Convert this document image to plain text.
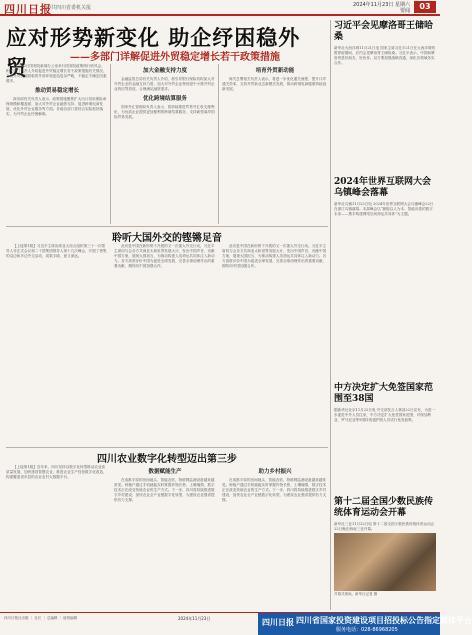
四川日报
中共四川省委机关报	2024年11月23日 星期六
要闻	03
应对形势新变化 助企纾困稳外贸	——多部门详解促进外贸稳定增长若干政策措施

11月22日国务院新闻办公室举行国务院政策例行吹风会，相关部门负责人介绍促进外贸稳定增长若干政策措施有关情况。当前外贸发展面临的外部环境更趋复杂严峻，不稳定不确定因素增多。

推动贸易稳定增长

商务部有关负责人表示，政策措施聚焦扩大出口信用保险承保规模和覆盖面、加大对外贸企业融资支持、促进跨境电商发展、优化外贸企业服务等方面。各地各部门将结合实际抓好落实，为外贸企业纾困解难。

加大金融支持力度

金融监管总局有关负责人介绍，将引导银行保险机构加大对外贸企业的金融支持力度，加大对外贸企业特别是中小微外贸企业的信贷投放，合理满足融资需求。

优化跨境结算服务

国家外汇管理局负责人表示，将持续推进贸易外汇收支便利化，为优质企业提供更加便利的跨境结算服务，支持新型离岸国际贸易发展。

培育外贸新动能

海关总署相关负责人表示，将进一步优化通关流程，提升口岸通关效率，支持外贸新业态新模式发展，推动跨境电商健康持续创新发展。

聆听大国外交的铿锵足音

【上接第1版】习近平主席出席亚太经合组织第三十一次领导人非正式会议和二十国集团领导人第十九次峰会，开展了密集的双边和多边外交活动，成果丰硕，意义深远。

此访是中国在新形势下开展的又一次重大外交行动。习近平主席同与会各方共商亚太和世界发展大计，发出中国声音，贡献中国方案，展现大国担当，为推动构建人类命运共同体注入新动力。各方高度评价中国为促进全球发展、完善全球治理作出的重要贡献，期待同中国加强合作。

此访是中国在新形势下开展的又一次重大外交行动。习近平主席同与会各方共商亚太和世界发展大计，发出中国声音，贡献中国方案，展现大国担当，为推动构建人类命运共同体注入新动力。各方高度评价中国为促进全球发展、完善全球治理作出的重要贡献，期待同中国加强合作。

四川农业数字化转型迈出第三步

【上接第1版】近年来，四川坚持以数字化转型推动农业高质量发展，加快建设智慧农业，推进农业生产经营数字化改造，构建覆盖省市县的农业农村大数据平台。

数据赋能生产

在成都平原的田间地头，智能农机、物联网监测设备越来越常见。种植户通过手机就能实时掌握作物长势、土壤墒情，数字技术正在改变传统农业的生产方式。下一步，四川将持续推进数字乡村建设，加快农业全产业链数字化转型，为建设农业强省提供有力支撑。

助力乡村振兴

在成都平原的田间地头，智能农机、物联网监测设备越来越常见。种植户通过手机就能实时掌握作物长势、土壤墒情，数字技术正在改变传统农业的生产方式。下一步，四川将持续推进数字乡村建设，加快农业全产业链数字化转型，为建设农业强省提供有力支撑。

习近平会见摩洛哥王储哈桑
新华社大西洋城11月21日电 国家主席习近平21日在大西洋城短暂停留期间，应约会见摩洛哥王储哈桑。习近平表示，中国和摩洛哥是好朋友、好伙伴。双方要加强战略沟通，深化各领域务实合作。
2024年世界互联网大会乌镇峰会落幕
新华社乌镇11月22日电 2024年世界互联网大会乌镇峰会22日在浙江乌镇落幕。本届峰会以“拥抱以人为本、智能向善的数字未来——携手构建网络空间命运共同体”为主题。
中方决定扩大免签国家范围至38国
据新华社北京11月22日电 外交部发言人林剑22日宣布，为进一步促进中外人员往来，中方决定扩大免签国家范围，对保加利亚、罗马尼亚等9国持普通护照人员试行免签政策。
第十二届全国少数民族传统体育运动会开幕
新华社三亚11月22日电 第十二届全国少数民族传统体育运动会22日晚在海南三亚开幕。
开幕式现场。新华社记者 摄
四川日报社出版 ｜ 社长 ｜ 总编辑 ｜ 值班编辑	2024年11月23日	四川日报 四川省国家投资建设项目招投标公告指定媒体平台
服务电话：028-86968205
